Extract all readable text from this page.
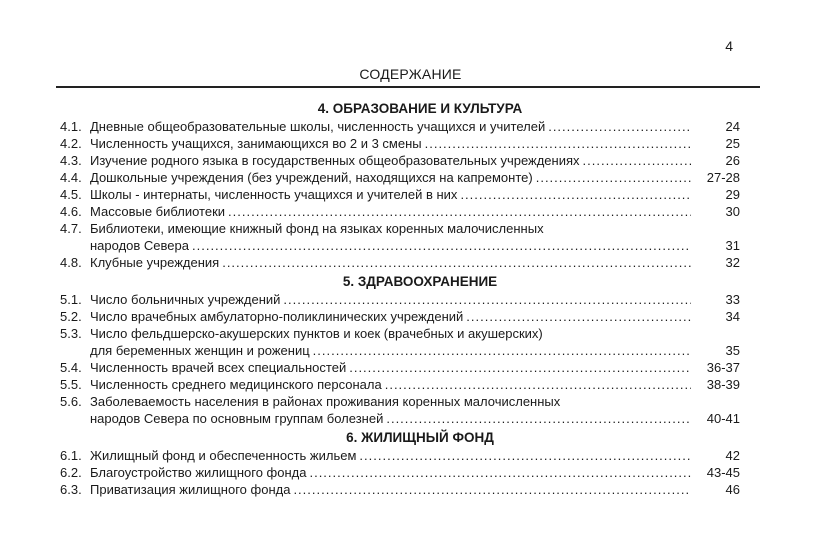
4
СОДЕРЖАНИЕ
4. ОБРАЗОВАНИЕ И КУЛЬТУРА
4.1. Дневные общеобразовательные школы, численность учащихся и учителей .....	24
4.2. Численность учащихся, занимающихся во 2 и 3 смены .....	25
4.3. Изучение родного языка в государственных общеобразовательных учреждениях .....	26
4.4. Дошкольные учреждения (без учреждений, находящихся на капремонте) .....	27-28
4.5. Школы - интернаты, численность учащихся и учителей в них .....	29
4.6. Массовые библиотеки .....	30
4.7. Библиотеки, имеющие книжный фонд на языках коренных малочисленных
народов Севера .....	31
4.8. Клубные учреждения .....	32
5. ЗДРАВООХРАНЕНИЕ
5.1. Число больничных учреждений .....	33
5.2. Число врачебных амбулаторно-поликлинических учреждений .....	34
5.3. Число фельдшерско-акушерских пунктов и коек (врачебных и акушерских)
для беременных женщин и рожениц .....	35
5.4. Численность врачей всех специальностей .....	36-37
5.5. Численность среднего медицинского персонала .....	38-39
5.6. Заболеваемость населения в районах проживания коренных малочисленных
народов Севера по основным группам болезней .....	40-41
6. ЖИЛИЩНЫЙ ФОНД
6.1. Жилищный фонд и обеспеченность жильем .....	42
6.2. Благоустройство жилищного фонда .....	43-45
6.3. Приватизация жилищного фонда .....	46
